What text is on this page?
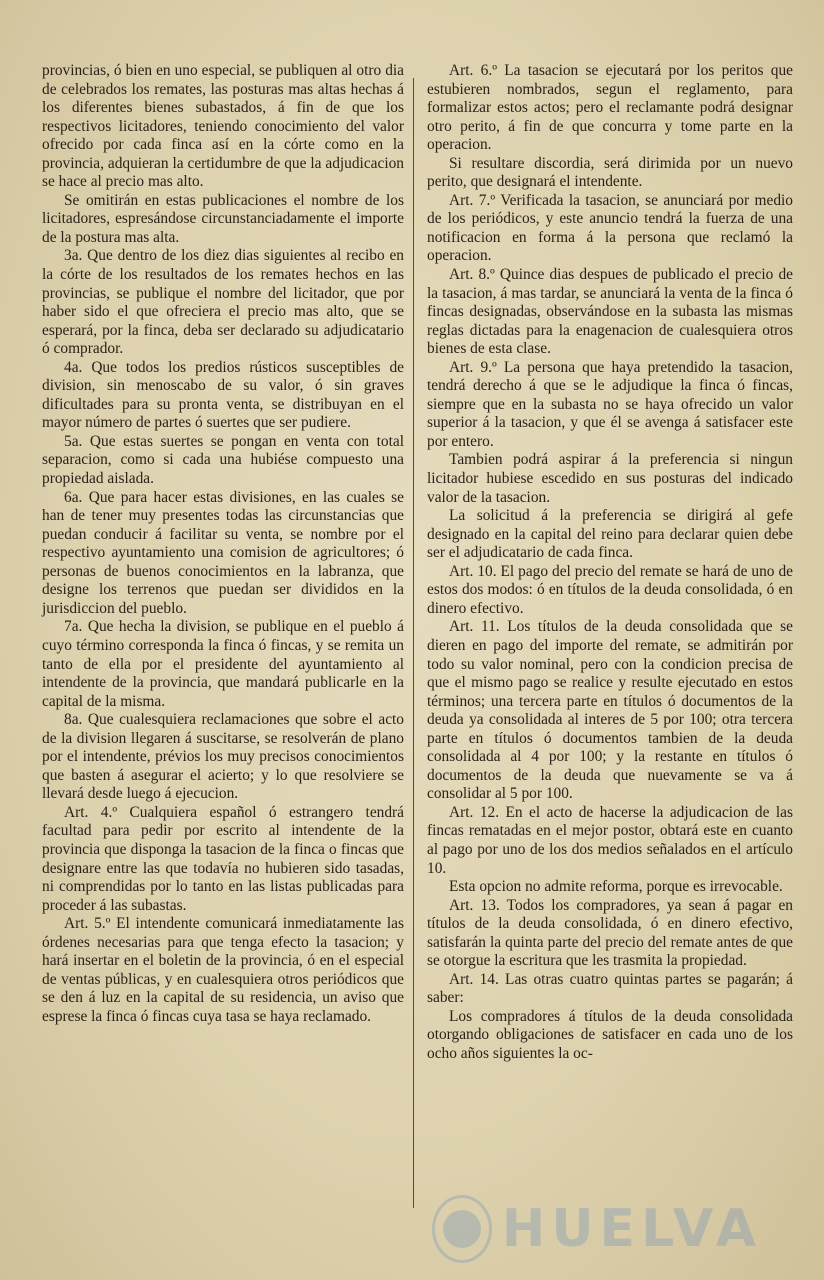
provincias, ó bien en uno especial, se publiquen al otro dia de celebrados los remates, las posturas mas altas hechas á los diferentes bienes subastados, á fin de que los respectivos licitadores, teniendo conocimiento del valor ofrecido por cada finca así en la córte como en la provincia, adquieran la certidumbre de que la adjudicacion se hace al precio mas alto.

Se omitirán en estas publicaciones el nombre de los licitadores, espresándose circunstanciadamente el importe de la postura mas alta.

3a. Que dentro de los diez dias siguientes al recibo en la córte de los resultados de los remates hechos en las provincias, se publique el nombre del licitador, que por haber sido el que ofreciera el precio mas alto, que se esperará, por la finca, deba ser declarado su adjudicatario ó comprador.

4a. Que todos los predios rústicos susceptibles de division, sin menoscabo de su valor, ó sin graves dificultades para su pronta venta, se distribuyan en el mayor número de partes ó suertes que ser pudiere.

5a. Que estas suertes se pongan en venta con total separacion, como si cada una hubiése compuesto una propiedad aislada.

6a. Que para hacer estas divisiones, en las cuales se han de tener muy presentes todas las circunstancias que puedan conducir á facilitar su venta, se nombre por el respectivo ayuntamiento una comision de agricultores; ó personas de buenos conocimientos en la labranza, que designe los terrenos que puedan ser divididos en la jurisdiccion del pueblo.

7a. Que hecha la division, se publique en el pueblo á cuyo término corresponda la finca ó fincas, y se remita un tanto de ella por el presidente del ayuntamiento al intendente de la provincia, que mandará publicarle en la capital de la misma.

8a. Que cualesquiera reclamaciones que sobre el acto de la division llegaren á suscitarse, se resolverán de plano por el intendente, prévios los muy precisos conocimientos que basten á asegurar el acierto; y lo que resolviere se llevará desde luego á ejecucion.

Art. 4.º Cualquiera español ó estrangero tendrá facultad para pedir por escrito al intendente de la provincia que disponga la tasacion de la finca o fincas que designare entre las que todavía no hubieren sido tasadas, ni comprendidas por lo tanto en las listas publicadas para proceder á las subastas.

Art. 5.º El intendente comunicará inmediatamente las órdenes necesarias para que tenga efecto la tasacion; y hará insertar en el boletin de la provincia, ó en el especial de ventas públicas, y en cualesquiera otros periódicos que se den á luz en la capital de su residencia, un aviso que esprese la finca ó fincas cuya tasa se haya reclamado.

Art. 6.º La tasacion se ejecutará por los peritos que estubieren nombrados, segun el reglamento, para formalizar estos actos; pero el reclamante podrá designar otro perito, á fin de que concurra y tome parte en la operacion.

Si resultare discordia, será dirimida por un nuevo perito, que designará el intendente.

Art. 7.º Verificada la tasacion, se anunciará por medio de los periódicos, y este anuncio tendrá la fuerza de una notificacion en forma á la persona que reclamó la operacion.

Art. 8.º Quince dias despues de publicado el precio de la tasacion, á mas tardar, se anunciará la venta de la finca ó fincas designadas, observándose en la subasta las mismas reglas dictadas para la enagenacion de cualesquiera otros bienes de esta clase.

Art. 9.º La persona que haya pretendido la tasacion, tendrá derecho á que se le adjudique la finca ó fincas, siempre que en la subasta no se haya ofrecido un valor superior á la tasacion, y que él se avenga á satisfacer este por entero.

Tambien podrá aspirar á la preferencia si ningun licitador hubiese escedido en sus posturas del indicado valor de la tasacion.

La solicitud á la preferencia se dirigirá al gefe designado en la capital del reino para declarar quien debe ser el adjudicatario de cada finca.

Art. 10. El pago del precio del remate se hará de uno de estos dos modos: ó en títulos de la deuda consolidada, ó en dinero efectivo.

Art. 11. Los títulos de la deuda consolidada que se dieren en pago del importe del remate, se admitirán por todo su valor nominal, pero con la condicion precisa de que el mismo pago se realice y resulte ejecutado en estos términos; una tercera parte en títulos ó documentos de la deuda ya consolidada al interes de 5 por 100; otra tercera parte en títulos ó documentos tambien de la deuda consolidada al 4 por 100; y la restante en títulos ó documentos de la deuda que nuevamente se va á consolidar al 5 por 100.

Art. 12. En el acto de hacerse la adjudicacion de las fincas rematadas en el mejor postor, obtará este en cuanto al pago por uno de los dos medios señalados en el artículo 10.

Esta opcion no admite reforma, porque es irrevocable.

Art. 13. Todos los compradores, ya sean á pagar en títulos de la deuda consolidada, ó en dinero efectivo, satisfarán la quinta parte del precio del remate antes de que se otorgue la escritura que les trasmita la propiedad.

Art. 14. Las otras cuatro quintas partes se pagarán; á saber:

Los compradores á títulos de la deuda consolidada otorgando obligaciones de satisfacer en cada uno de los ocho años siguientes la oc-

HUELVA
